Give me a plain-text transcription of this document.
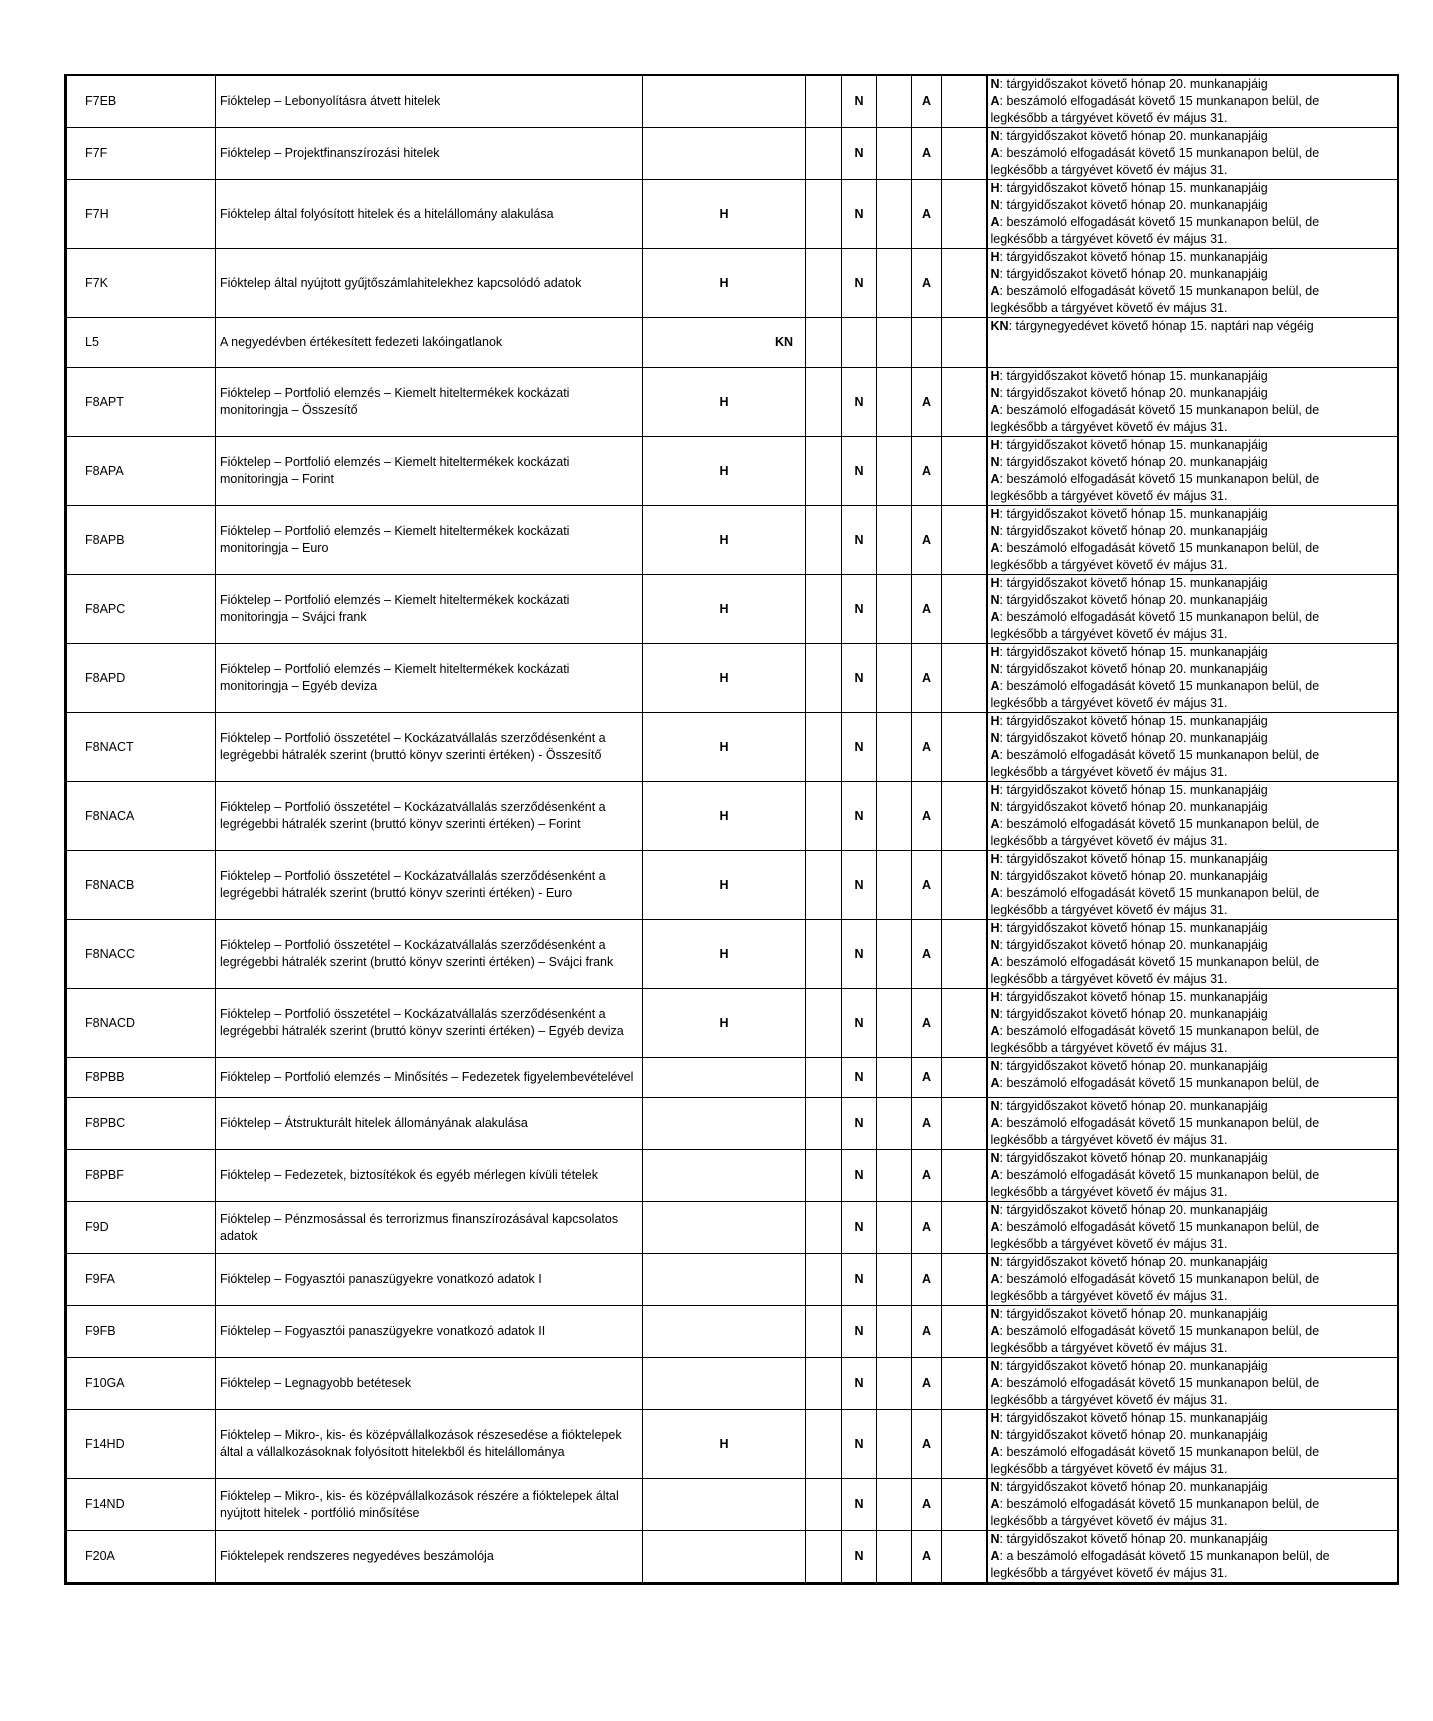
F7EB	Fióktelep – Lebonyolításra átvett hitelek			N		A		N: tárgyidőszakot követő hónap 20. munkanapjáig
A: beszámoló elfogadását követő 15 munkanapon belül, de
legkésőbb a tárgyévet követő év május 31.

F7F	Fióktelep – Projektfinanszírozási hitelek			N		A		N: tárgyidőszakot követő hónap 20. munkanapjáig
A: beszámoló elfogadását követő 15 munkanapon belül, de
legkésőbb a tárgyévet követő év május 31.

F7H	Fióktelep által folyósított hitelek és a hitelállomány alakulása	H		N		A		H: tárgyidőszakot követő hónap 15. munkanapjáig
N: tárgyidőszakot követő hónap 20. munkanapjáig
A: beszámoló elfogadását követő 15 munkanapon belül, de
legkésőbb a tárgyévet követő év május 31.

F7K	Fióktelep által nyújtott gyűjtőszámlahitelekhez kapcsolódó adatok	H		N		A		H: tárgyidőszakot követő hónap 15. munkanapjáig
N: tárgyidőszakot követő hónap 20. munkanapjáig
A: beszámoló elfogadását követő 15 munkanapon belül, de
legkésőbb a tárgyévet követő év május 31.

L5	A negyedévben értékesített fedezeti lakóingatlanok	KN						KN: tárgynegyedévet követő hónap 15. naptári nap végéig

F8APT	Fióktelep – Portfolió elemzés – Kiemelt hiteltermékek kockázati monitoringja – Összesítő	H		N		A		H: tárgyidőszakot követő hónap 15. munkanapjáig
N: tárgyidőszakot követő hónap 20. munkanapjáig
A: beszámoló elfogadását követő 15 munkanapon belül, de
legkésőbb a tárgyévet követő év május 31.

F8APA	Fióktelep – Portfolió elemzés – Kiemelt hiteltermékek kockázati monitoringja – Forint	H		N		A		H: tárgyidőszakot követő hónap 15. munkanapjáig
N: tárgyidőszakot követő hónap 20. munkanapjáig
A: beszámoló elfogadását követő 15 munkanapon belül, de
legkésőbb a tárgyévet követő év május 31.

F8APB	Fióktelep – Portfolió elemzés – Kiemelt hiteltermékek kockázati monitoringja – Euro	H		N		A		H: tárgyidőszakot követő hónap 15. munkanapjáig
N: tárgyidőszakot követő hónap 20. munkanapjáig
A: beszámoló elfogadását követő 15 munkanapon belül, de
legkésőbb a tárgyévet követő év május 31.

F8APC	Fióktelep – Portfolió elemzés – Kiemelt hiteltermékek kockázati monitoringja – Svájci frank	H		N		A		H: tárgyidőszakot követő hónap 15. munkanapjáig
N: tárgyidőszakot követő hónap 20. munkanapjáig
A: beszámoló elfogadását követő 15 munkanapon belül, de
legkésőbb a tárgyévet követő év május 31.

F8APD	Fióktelep – Portfolió elemzés – Kiemelt hiteltermékek kockázati monitoringja – Egyéb deviza	H		N		A		H: tárgyidőszakot követő hónap 15. munkanapjáig
N: tárgyidőszakot követő hónap 20. munkanapjáig
A: beszámoló elfogadását követő 15 munkanapon belül, de
legkésőbb a tárgyévet követő év május 31.

F8NACT	Fióktelep – Portfolió összetétel – Kockázatvállalás szerződésenként a legrégebbi hátralék szerint (bruttó könyv szerinti értéken) - Összesítő	H		N		A		H: tárgyidőszakot követő hónap 15. munkanapjáig
N: tárgyidőszakot követő hónap 20. munkanapjáig
A: beszámoló elfogadását követő 15 munkanapon belül, de
legkésőbb a tárgyévet követő év május 31.

F8NACA	Fióktelep – Portfolió összetétel – Kockázatvállalás szerződésenként a legrégebbi hátralék szerint (bruttó könyv szerinti értéken) – Forint	H		N		A		H: tárgyidőszakot követő hónap 15. munkanapjáig
N: tárgyidőszakot követő hónap 20. munkanapjáig
A: beszámoló elfogadását követő 15 munkanapon belül, de
legkésőbb a tárgyévet követő év május 31.

F8NACB	Fióktelep – Portfolió összetétel – Kockázatvállalás szerződésenként a legrégebbi hátralék szerint (bruttó könyv szerinti értéken) - Euro	H		N		A		H: tárgyidőszakot követő hónap 15. munkanapjáig
N: tárgyidőszakot követő hónap 20. munkanapjáig
A: beszámoló elfogadását követő 15 munkanapon belül, de
legkésőbb a tárgyévet követő év május 31.

F8NACC	Fióktelep – Portfolió összetétel – Kockázatvállalás szerződésenként a legrégebbi hátralék szerint (bruttó könyv szerinti értéken) – Svájci frank	H		N		A		H: tárgyidőszakot követő hónap 15. munkanapjáig
N: tárgyidőszakot követő hónap 20. munkanapjáig
A: beszámoló elfogadását követő 15 munkanapon belül, de
legkésőbb a tárgyévet követő év május 31.

F8NACD	Fióktelep – Portfolió összetétel – Kockázatvállalás szerződésenként a legrégebbi hátralék szerint (bruttó könyv szerinti értéken) – Egyéb deviza	H		N		A		H: tárgyidőszakot követő hónap 15. munkanapjáig
N: tárgyidőszakot követő hónap 20. munkanapjáig
A: beszámoló elfogadását követő 15 munkanapon belül, de
legkésőbb a tárgyévet követő év május 31.

F8PBB	Fióktelep – Portfolió elemzés – Minősítés – Fedezetek figyelembevételével			N		A		N: tárgyidőszakot követő hónap 20. munkanapjáig
A: beszámoló elfogadását követő 15 munkanapon belül, de

F8PBC	Fióktelep – Átstrukturált hitelek állományának alakulása			N		A		N: tárgyidőszakot követő hónap 20. munkanapjáig
A: beszámoló elfogadását követő 15 munkanapon belül, de
legkésőbb a tárgyévet követő év május 31.

F8PBF	Fióktelep – Fedezetek, biztosítékok és egyéb mérlegen kívüli tételek			N		A		N: tárgyidőszakot követő hónap 20. munkanapjáig
A: beszámoló elfogadását követő 15 munkanapon belül, de
legkésőbb a tárgyévet követő év május 31.

F9D	Fióktelep – Pénzmosással és terrorizmus finanszírozásával kapcsolatos adatok			N		A		N: tárgyidőszakot követő hónap 20. munkanapjáig
A: beszámoló elfogadását követő 15 munkanapon belül, de
legkésőbb a tárgyévet követő év május 31.

F9FA	Fióktelep – Fogyasztói panaszügyekre vonatkozó adatok I			N		A		N: tárgyidőszakot követő hónap 20. munkanapjáig
A: beszámoló elfogadását követő 15 munkanapon belül, de
legkésőbb a tárgyévet követő év május 31.

F9FB	Fióktelep – Fogyasztói panaszügyekre vonatkozó adatok II			N		A		N: tárgyidőszakot követő hónap 20. munkanapjáig
A: beszámoló elfogadását követő 15 munkanapon belül, de
legkésőbb a tárgyévet követő év május 31.

F10GA	Fióktelep – Legnagyobb betétesek			N		A		N: tárgyidőszakot követő hónap 20. munkanapjáig
A: beszámoló elfogadását követő 15 munkanapon belül, de
legkésőbb a tárgyévet követő év május 31.

F14HD	Fióktelep – Mikro-, kis- és középvállalkozások részesedése a fióktelepek által a vállalkozásoknak folyósított hitelekből és hitelállománya	H		N		A		H: tárgyidőszakot követő hónap 15. munkanapjáig
N: tárgyidőszakot követő hónap 20. munkanapjáig
A: beszámoló elfogadását követő 15 munkanapon belül, de
legkésőbb a tárgyévet követő év május 31.

F14ND	Fióktelep – Mikro-, kis- és középvállalkozások részére a fióktelepek által nyújtott hitelek - portfólió minősítése			N		A		N: tárgyidőszakot követő hónap 20. munkanapjáig
A: beszámoló elfogadását követő 15 munkanapon belül, de
legkésőbb a tárgyévet követő év május 31.

F20A	Fióktelepek rendszeres negyedéves beszámolója			N		A		N: tárgyidőszakot követő hónap 20. munkanapjáig
A: a beszámoló elfogadását követő 15 munkanapon belül, de
legkésőbb a tárgyévet követő év május 31.
